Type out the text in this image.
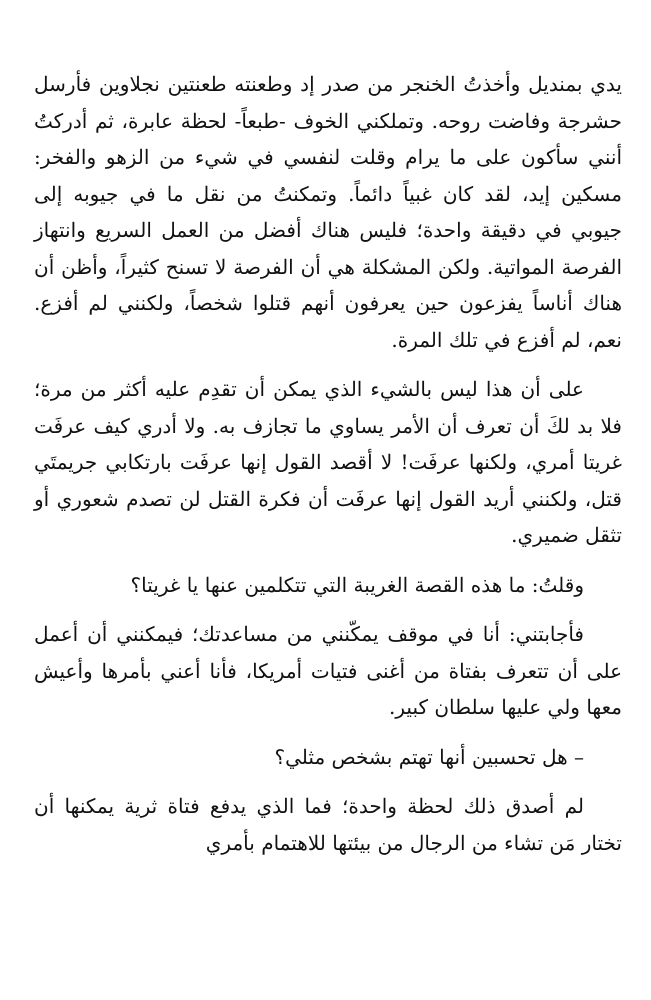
يدي بمنديل وأخذتُ الخنجر من صدر إد وطعنته طعنتين نجلاوين فأرسل حشرجة وفاضت روحه. وتملكني الخوف -طبعاً- لحظة عابرة، ثم أدركتُ أنني سأكون على ما يرام وقلت لنفسي في شيء من الزهو والفخر: مسكين إيد، لقد كان غبياً دائماً. وتمكنتُ من نقل ما في جيوبه إلى جيوبي في دقيقة واحدة؛ فليس هناك أفضل من العمل السريع وانتهاز الفرصة المواتية. ولكن المشكلة هي أن الفرصة لا تسنح كثيراً، وأظن أن هناك أناساً يفزعون حين يعرفون أنهم قتلوا شخصاً، ولكنني لم أفزع. نعم، لم أفزع في تلك المرة.

على أن هذا ليس بالشيء الذي يمكن أن تقدِم عليه أكثر من مرة؛ فلا بد لكَ أن تعرف أن الأمر يساوي ما تجازف به. ولا أدري كيف عرفَت غريتا أمري، ولكنها عرفَت! لا أقصد القول إنها عرفَت بارتكابي جريمتَي قتل، ولكنني أريد القول إنها عرفَت أن فكرة القتل لن تصدم شعوري أو تثقل ضميري.

وقلتُ: ما هذه القصة الغريبة التي تتكلمين عنها يا غريتا؟

فأجابتني: أنا في موقف يمكّنني من مساعدتك؛ فيمكنني أن أعمل على أن تتعرف بفتاة من أغنى فتيات أمريكا، فأنا أعني بأمرها وأعيش معها ولي عليها سلطان كبير.

– هل تحسبين أنها تهتم بشخص مثلي؟

لم أصدق ذلك لحظة واحدة؛ فما الذي يدفع فتاة ثرية يمكنها أن تختار مَن تشاء من الرجال من بيئتها للاهتمام بأمري
